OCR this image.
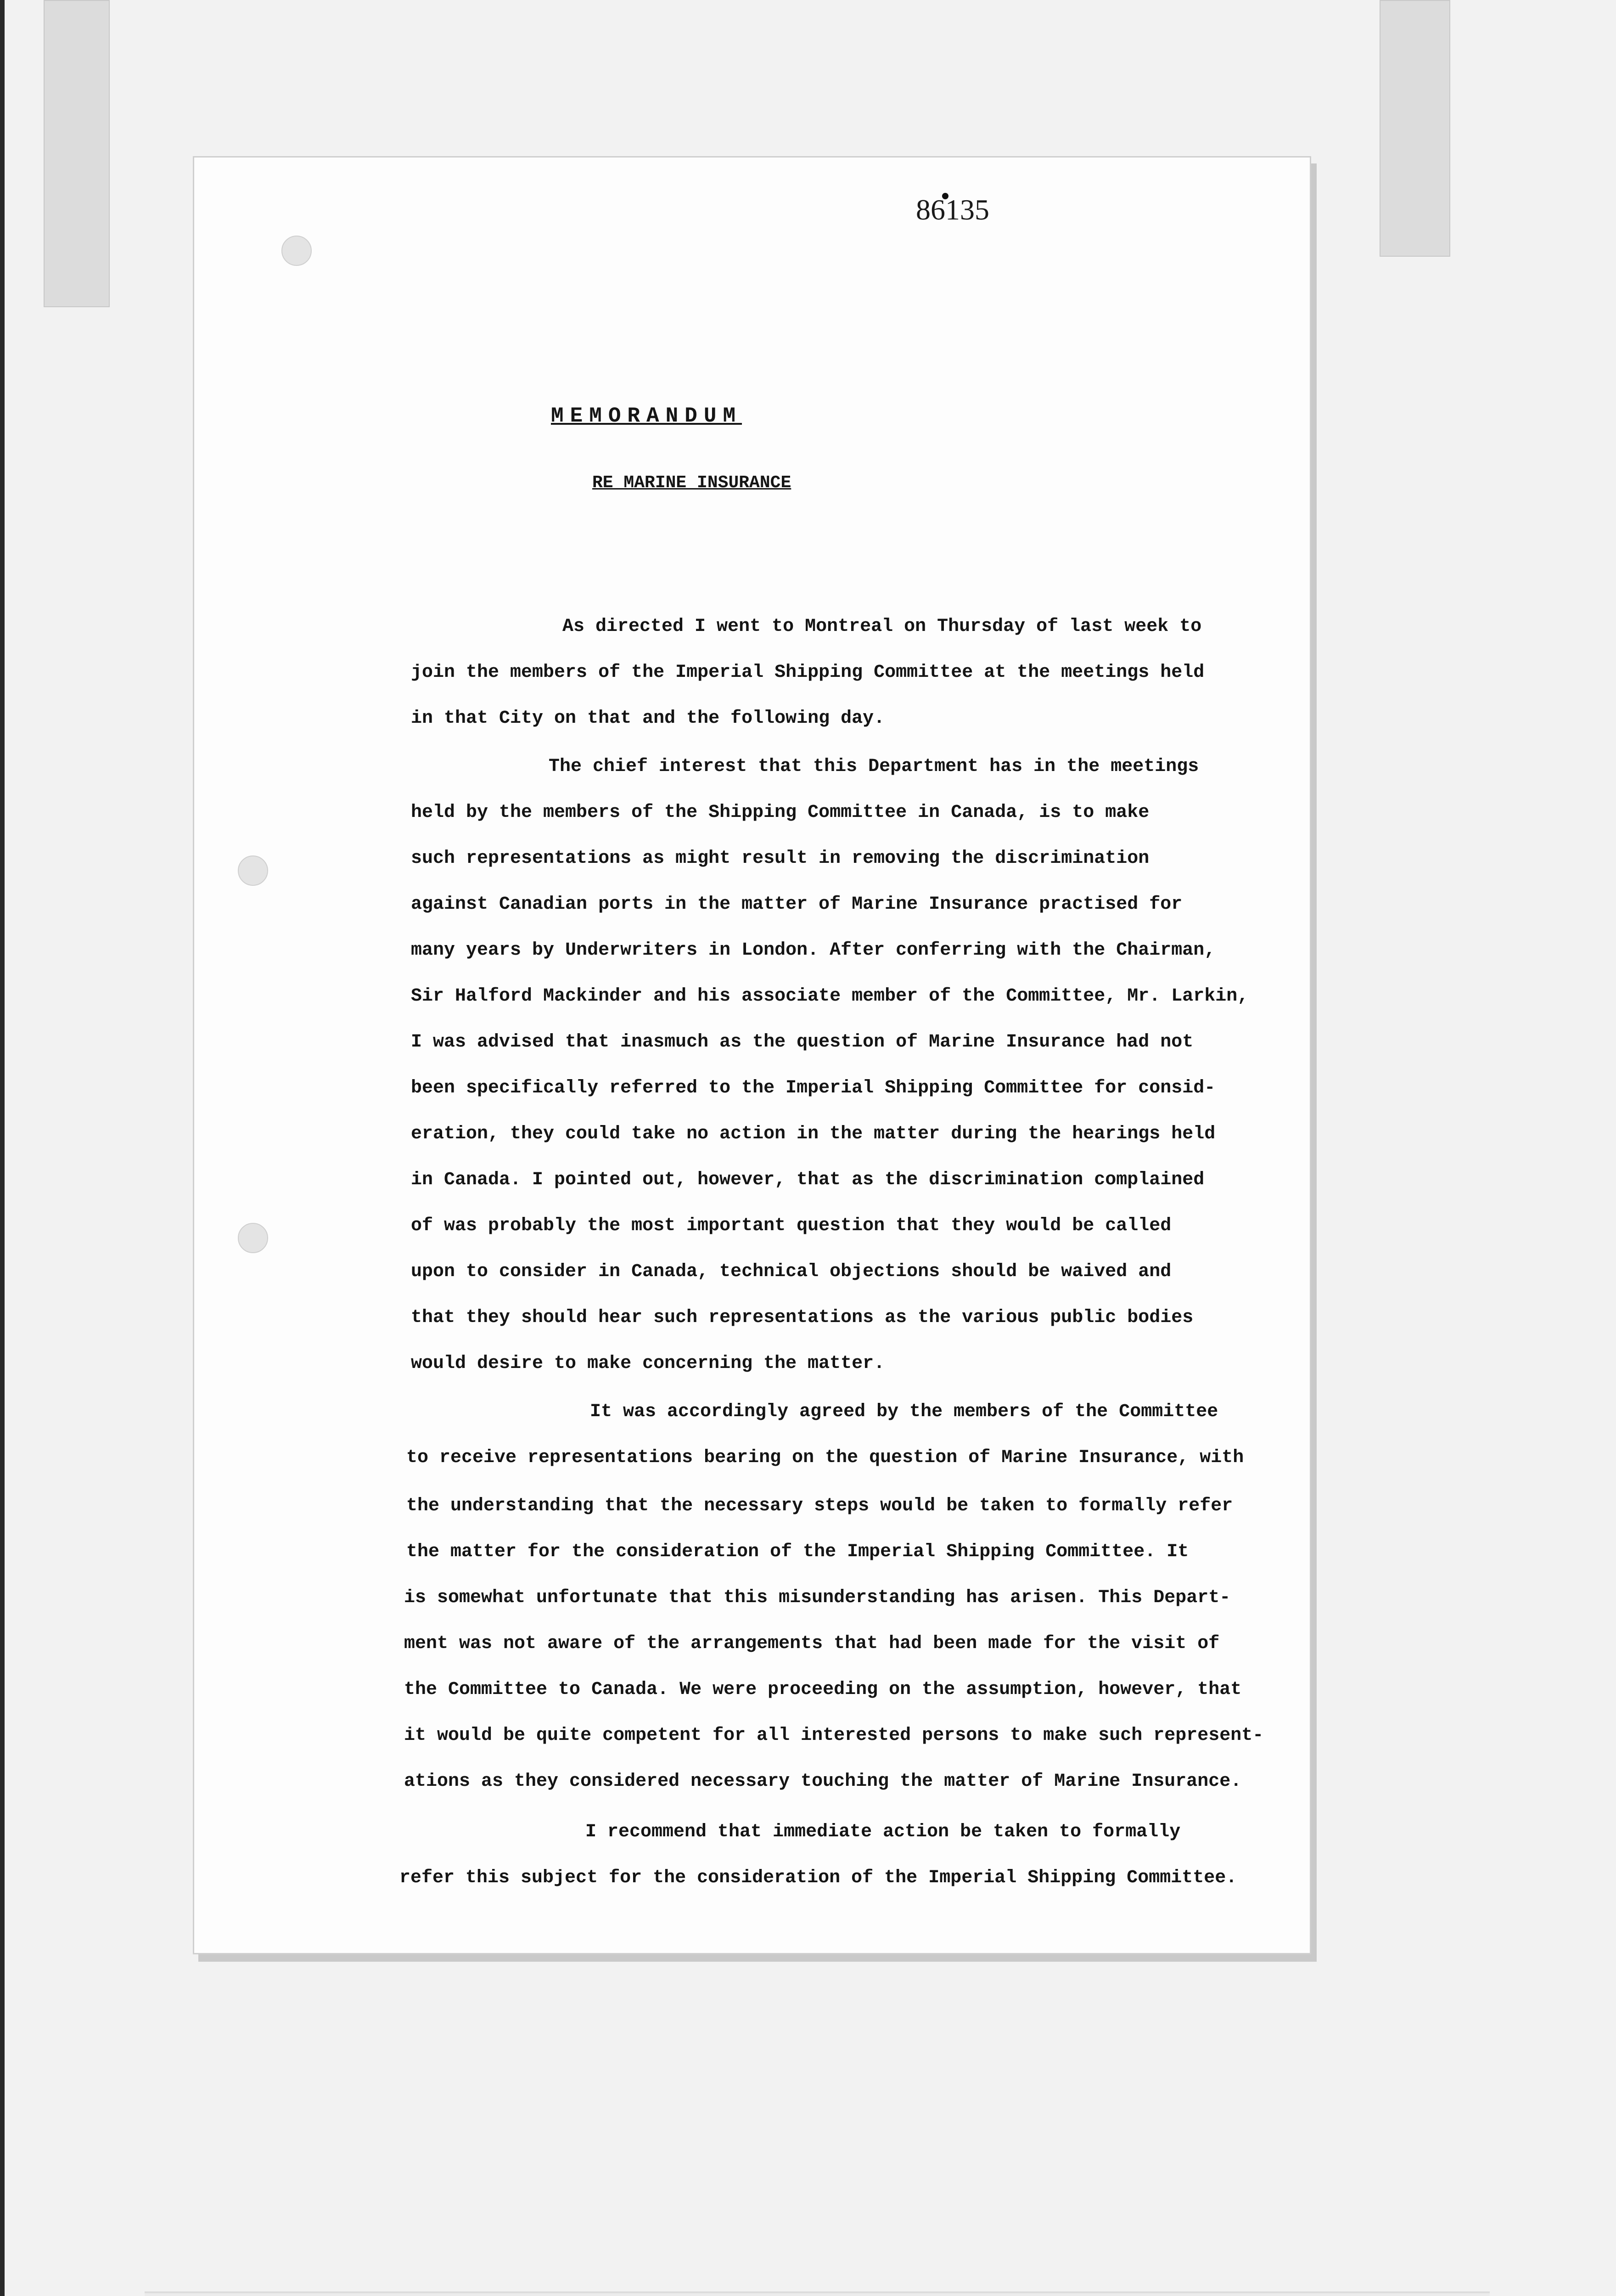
86135
MEMORANDUM
RE MARINE INSURANCE
As directed I went to Montreal on Thursday of last week to
join the members of the Imperial Shipping Committee at the meetings held
in that City on that and the following day.
The chief interest that this Department has in the meetings
held by the members of the Shipping Committee in Canada, is to make
such representations as might result in removing the discrimination
against Canadian ports in the matter of Marine Insurance practised for
many years by Underwriters in London. After conferring with the Chairman,
Sir Halford Mackinder and his associate member of the Committee, Mr. Larkin,
I was advised that inasmuch as the question of Marine Insurance had not
been specifically referred to the Imperial Shipping Committee for consid-
eration, they could take no action in the matter during the hearings held
in Canada. I pointed out, however, that as the discrimination complained
of was probably the most important question that they would be called
upon to consider in Canada, technical objections should be waived and
that they should hear such representations as the various public bodies
would desire to make concerning the matter.
It was accordingly agreed by the members of the Committee
to receive representations bearing on the question of Marine Insurance, with
the understanding that the necessary steps would be taken to formally refer
the matter for the consideration of the Imperial Shipping Committee. It
is somewhat unfortunate that this misunderstanding has arisen. This Depart-
ment was not aware of the arrangements that had been made for the visit of
the Committee to Canada. We were proceeding on the assumption, however, that
it would be quite competent for all interested persons to make such represent-
ations as they considered necessary touching the matter of Marine Insurance.
I recommend that immediate action be taken to formally
refer this subject for the consideration of the Imperial Shipping Committee.
